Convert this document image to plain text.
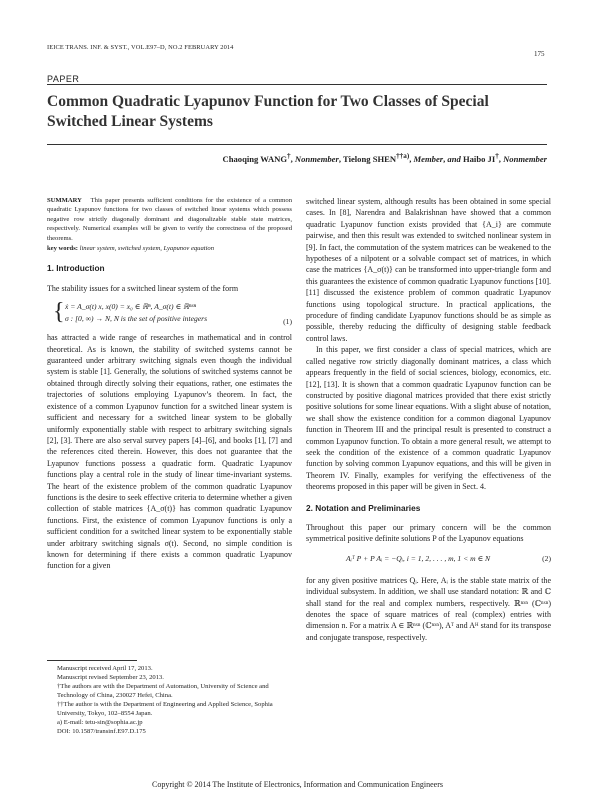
IEICE TRANS. INF. & SYST., VOL.E97–D, NO.2 FEBRUARY 2014
175
PAPER
Common Quadratic Lyapunov Function for Two Classes of Special Switched Linear Systems
Chaoqing WANG†, Nonmember, Tielong SHEN$^{\dagger\dagger a)}$, Member, and Haibo JI†, Nonmember
SUMMARY This paper presents sufficient conditions for the existence of a common quadratic Lyapunov functions for two classes of switched linear systems which possess negative row strictly diagonally dominant and diagonalizable stable state matrices, respectively. Numerical examples will be given to verify the correctness of the proposed theorems.
key words: linear system, switched system, Lyapunov equation
1. Introduction

The stability issues for a switched linear system of the form

{ ẋ = A_σ(t) x, x(0) = x₀ ∈ ℝⁿ, A_σ(t) ∈ ℝⁿˣⁿ
σ : [0, ∞) → N, N is the set of positive integers	(1)

has attracted a wide range of researches in mathematical and in control theoretical. As is known, the stability of switched systems cannot be guaranteed under arbitrary switching signals even though the individual system is stable [1]. Generally, the solutions of switched systems cannot be obtained through directly solving their equations, rather, one estimates the trajectories of solutions employing Lyapunov’s theorem. In fact, the existence of a common Lyapunov function for a switched linear system is sufficient and necessary for a switched linear system to be globally uniformly exponentially stable with respect to arbitrary switching signals [2], [3]. There are also serval survey papers [4]–[6], and books [1], [7] and the references cited therein. However, this does not guarantee that the Lyapunov functions possess a quadratic form. Quadratic Lyapunov functions play a central role in the study of linear time-invariant systems. The heart of the existence problem of the common quadratic Lyapunov functions is the desire to seek effective criteria to determine whether a given collection of stable matrices {A_σ(t)} has common quadratic Lyapunov functions. First, the existence of common Lyapunov functions is only a sufficient condition for a switched linear system to be exponentially stable under arbitrary switching signals σ(t). Second, no simple condition is known for determining if there exists a common quadratic Lyapunov function for a given

switched linear system, although results has been obtained in some special cases. In [8], Narendra and Balakrishnan have showed that a common quadratic Lyapunov function exists provided that {A_i} are commute pairwise, and then this result was extended to switched nonlinear system in [9]. In fact, the commutation of the system matrices can be weakened to the hypotheses of a nilpotent or a solvable compact set of matrices, in which case the matrices {A_σ(t)} can be transformed into upper-triangle form and this guarantees the existence of common quadratic Lyapunov functions [10]. [11] discussed the existence problem of common quadratic Lyapunov functions using topological structure. In practical applications, the procedure of finding candidate Lyapunov functions should be as simple as possible, thereby reducing the difficulty of designing stable feedback control laws.

In this paper, we first consider a class of special matrices, which are called negative row strictly diagonally dominant matrices, a class which appears frequently in the field of social sciences, biology, economics, etc. [12], [13]. It is shown that a common quadratic Lyapunov function can be constructed by positive diagonal matrices provided that there exist strictly positive solutions for some linear equations. With a slight abuse of notation, we shall show the existence condition for a common diagonal Lyapunov function in Theorem III and the principal result is presented to construct a common Lyapunov function. To obtain a more general result, we attempt to seek the condition of the existence of a common quadratic Lyapunov function by solving common Lyapunov equations, and this will be given in Theorem IV. Finally, examples for verifying the effectiveness of the theorems proposed in this paper will be given in Sect. 4.

2. Notation and Preliminaries

Throughout this paper our primary concern will be the common symmetrical positive definite solutions P of the Lyapunov equations

Aᵢᵀ P + P Aᵢ = −Qᵢ, i = 1, 2, . . . , m, 1 < m ∈ N	(2)

for any given positive matrices Qᵢ. Here, Aᵢ is the stable state matrix of the individual subsystem. In addition, we shall use standard notation: ℝ and ℂ shall stand for the real and complex numbers, respectively. ℝⁿˣⁿ (ℂⁿˣⁿ) denotes the space of square matrices of real (complex) entries with dimension n. For a matrix A ∈ ℝⁿˣⁿ (ℂⁿˣⁿ), Aᵀ and Aᴴ stand for its transpose and conjugate transpose, respectively.

Manuscript received April 17, 2013.

Manuscript revised September 23, 2013.

†The authors are with the Department of Automation, University of Science and Technology of China, 230027 Hefei, China.

††The author is with the Department of Engineering and Applied Science, Sophia University, Tokyo, 102–8554 Japan.

a) E-mail: tetu-sin@sophia.ac.jp

DOI: 10.1587/transinf.E97.D.175

Copyright © 2014 The Institute of Electronics, Information and Communication Engineers
